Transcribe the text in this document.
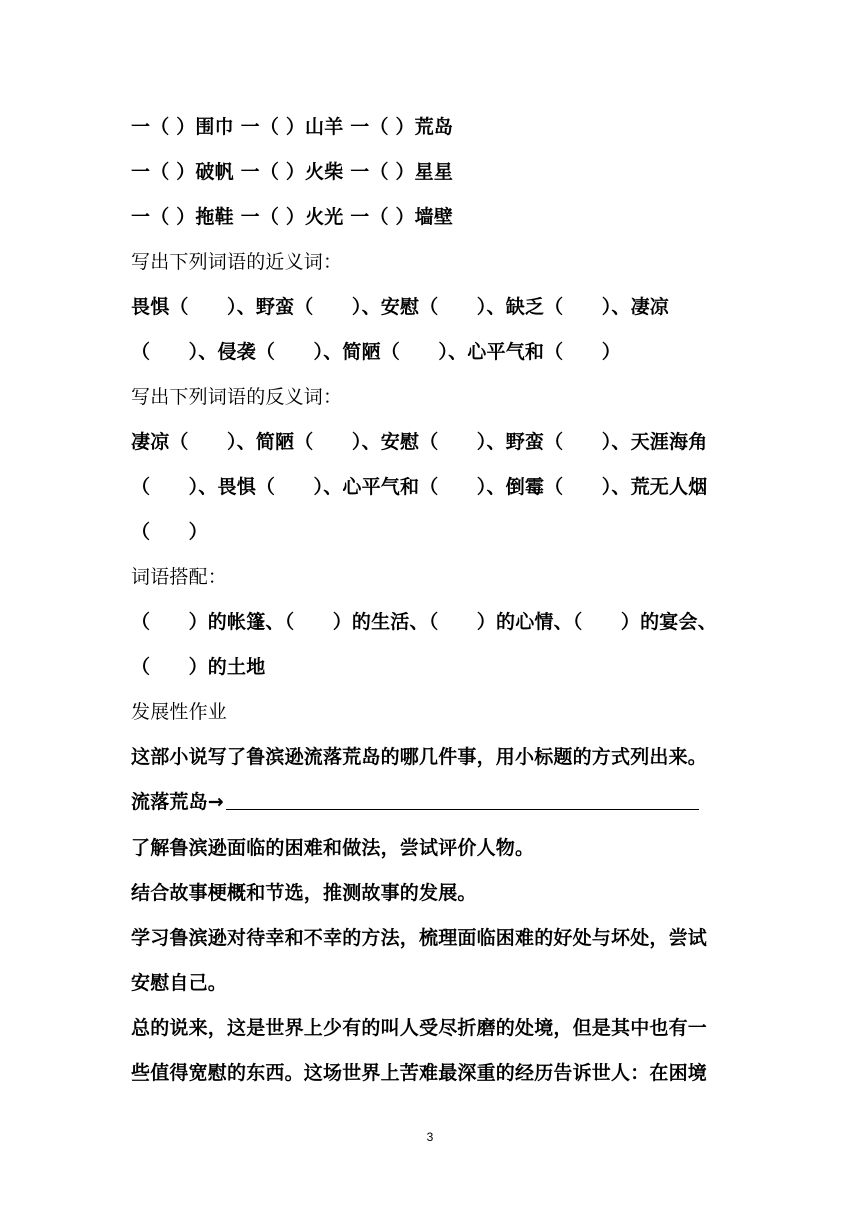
一（ ）围巾 一（ ）山羊 一（ ）荒岛
一（ ）破帆 一（ ）火柴 一（ ）星星
一（ ）拖鞋 一（ ）火光 一（ ）墙壁
写出下列词语的近义词：
畏惧（　　）、野蛮（　　）、安慰（　　）、缺乏（　　）、凄凉
（　　）、侵袭（　　）、简陋（　　）、心平气和（　　）
写出下列词语的反义词：
凄凉（　　）、简陋（　　）、安慰（　　）、野蛮（　　）、天涯海角
（　　）、畏惧（　　）、心平气和（　　）、倒霉（　　）、荒无人烟
（　　）
词语搭配：
（　　）的帐篷、（　　）的生活、（　　）的心情、（　　）的宴会、
（　　）的土地
发展性作业
这部小说写了鲁滨逊流落荒岛的哪几件事，用小标题的方式列出来。
流落荒岛→
了解鲁滨逊面临的困难和做法，尝试评价人物。
结合故事梗概和节选，推测故事的发展。
学习鲁滨逊对待幸和不幸的方法，梳理面临困难的好处与坏处，尝试
安慰自己。
总的说来，这是世界上少有的叫人受尽折磨的处境，但是其中也有一
些值得宽慰的东西。这场世界上苦难最深重的经历告诉世人：在困境
3
